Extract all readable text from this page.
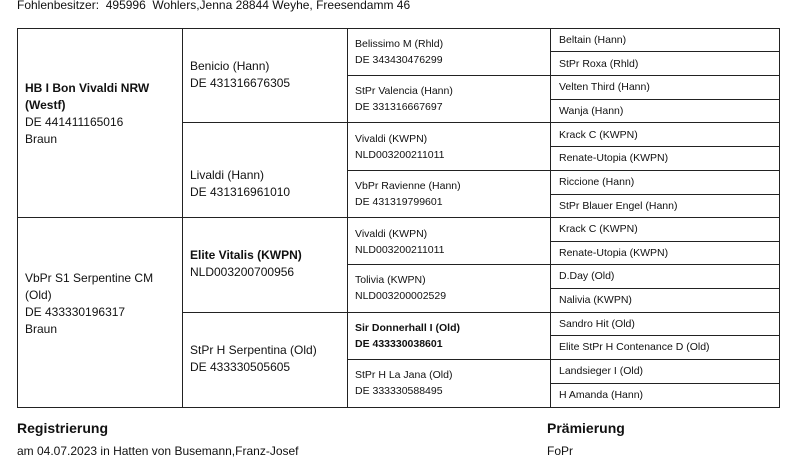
Fohlenbesitzer: 495996  Wohlers,Jenna 28844 Weyhe, Freesendamm 46
HB I Bon Vivaldi NRW
(Westf)
DE 441411165016
Braun
VbPr S1 Serpentine CM
(Old)
DE 433330196317
Braun
Benicio (Hann)
DE 431316676305
Livaldi (Hann)
DE 431316961010
Elite Vitalis (KWPN)
NLD003200700956
StPr H Serpentina (Old)
DE 433330505605
Belissimo M (Rhld)
DE 343430476299
StPr Valencia (Hann)
DE 331316667697
Vivaldi (KWPN)
NLD003200211011
VbPr Ravienne (Hann)
DE 431319799601
Vivaldi (KWPN)
NLD003200211011
Tolivia (KWPN)
NLD003200002529
Sir Donnerhall I (Old)
DE 433330038601
StPr H La Jana (Old)
DE 333330588495
Beltain (Hann)
StPr Roxa (Rhld)
Velten Third (Hann)
Wanja (Hann)
Krack C (KWPN)
Renate-Utopia (KWPN)
Riccione (Hann)
StPr Blauer Engel (Hann)
Krack C (KWPN)
Renate-Utopia (KWPN)
D.Day (Old)
Nalivia (KWPN)
Sandro Hit (Old)
Elite StPr H Contenance D (Old)
Landsieger I (Old)
H Amanda (Hann)
Registrierung
am 04.07.2023 in Hatten von Busemann,Franz-Josef
Prämierung
FoPr
